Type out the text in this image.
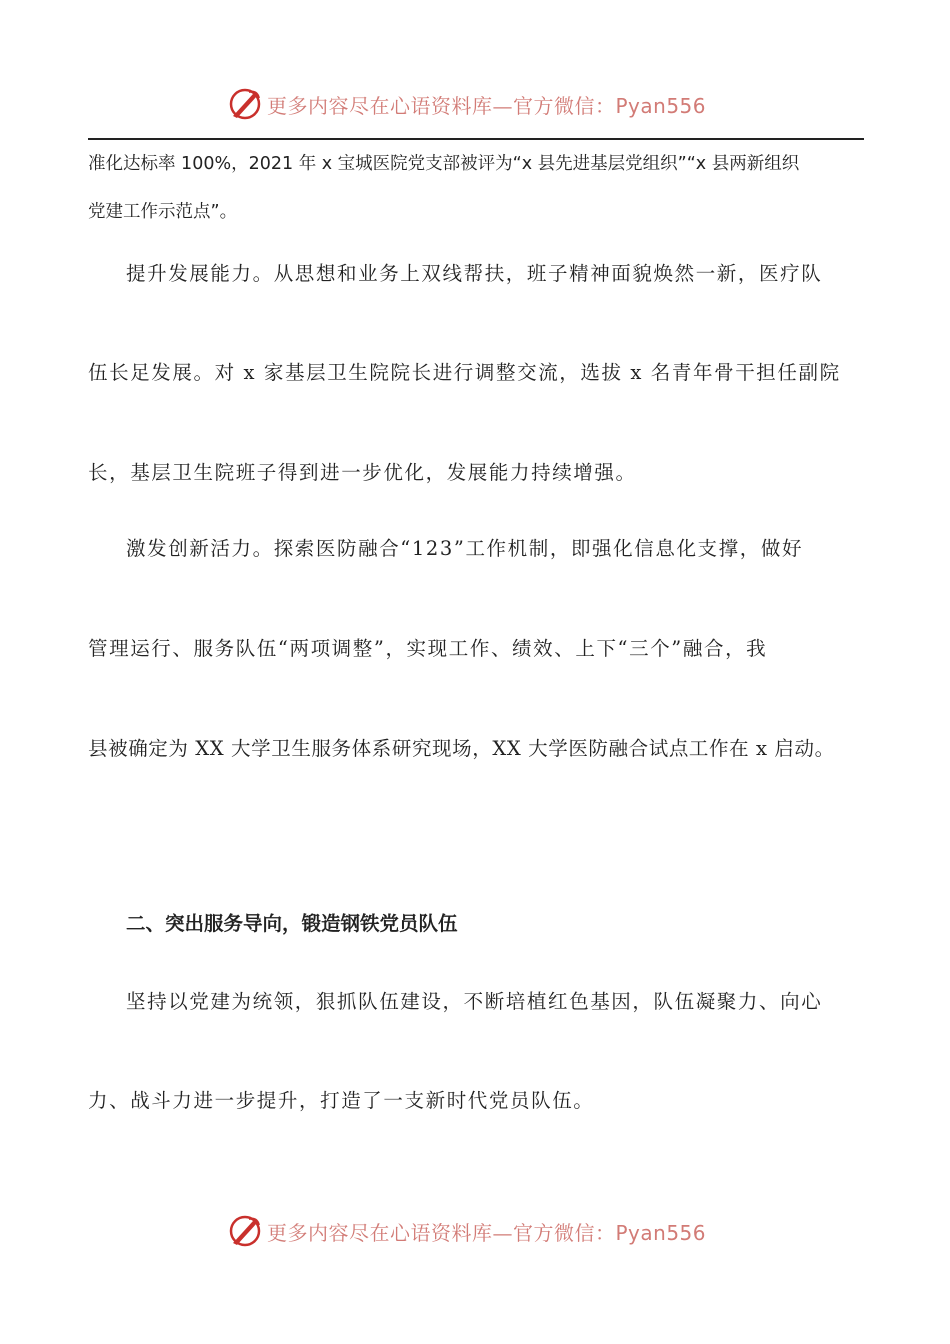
更多内容尽在心语资料库—官方微信：Pyan556
准化达标率 100%，2021 年 x 宝城医院党支部被评为“x 县先进基层党组织”“x 县两新组织
党建工作示范点”。
提升发展能力。从思想和业务上双线帮扶，班子精神面貌焕然一新，医疗队
伍长足发展。对 x 家基层卫生院院长进行调整交流，选拔 x 名青年骨干担任副院
长，基层卫生院班子得到进一步优化，发展能力持续增强。
激发创新活力。探索医防融合“123”工作机制，即强化信息化支撑，做好
管理运行、服务队伍“两项调整”，实现工作、绩效、上下“三个”融合，我
县被确定为 XX 大学卫生服务体系研究现场，XX 大学医防融合试点工作在 x 启动。
二、突出服务导向，锻造钢铁党员队伍
坚持以党建为统领，狠抓队伍建设，不断培植红色基因，队伍凝聚力、向心
力、战斗力进一步提升，打造了一支新时代党员队伍。
更多内容尽在心语资料库—官方微信：Pyan556
